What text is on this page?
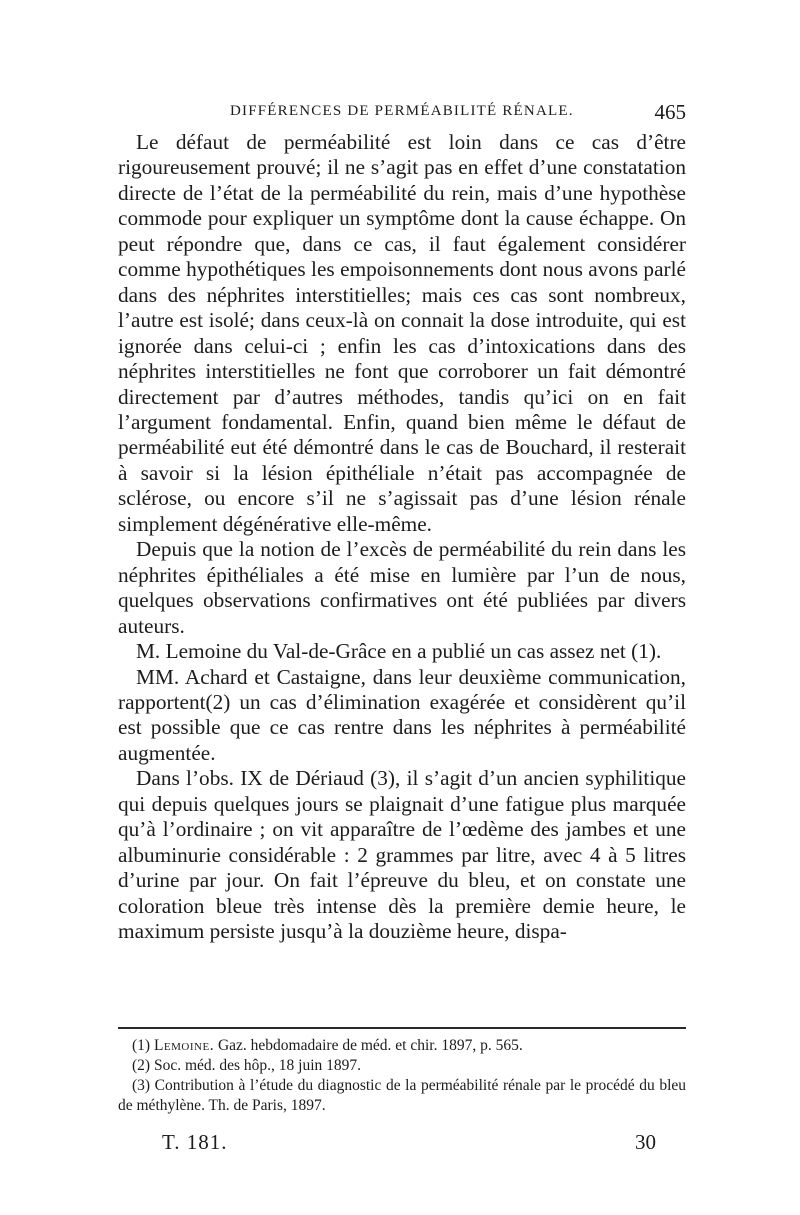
DIFFÉRENCES DE PERMÉABILITÉ RÉNALE.	465

Le défaut de perméabilité est loin dans ce cas d’être rigoureusement prouvé; il ne s’agit pas en effet d’une constatation directe de l’état de la perméabilité du rein, mais d’une hypothèse commode pour expliquer un symptôme dont la cause échappe. On peut répondre que, dans ce cas, il faut également considérer comme hypothétiques les empoisonnements dont nous avons parlé dans des néphrites interstitielles; mais ces cas sont nombreux, l’autre est isolé; dans ceux-là on connait la dose introduite, qui est ignorée dans celui-ci ; enfin les cas d’intoxications dans des néphrites interstitielles ne font que corroborer un fait démontré directement par d’autres méthodes, tandis qu’ici on en fait l’argument fondamental. Enfin, quand bien même le défaut de perméabilité eut été démontré dans le cas de Bouchard, il resterait à savoir si la lésion épithéliale n’était pas accompagnée de sclérose, ou encore s’il ne s’agissait pas d’une lésion rénale simplement dégénérative elle-même.

Depuis que la notion de l’excès de perméabilité du rein dans les néphrites épithéliales a été mise en lumière par l’un de nous, quelques observations confirmatives ont été publiées par divers auteurs.

M. Lemoine du Val-de-Grâce en a publié un cas assez net (1).

MM. Achard et Castaigne, dans leur deuxième communication, rapportent(2) un cas d’élimination exagérée et considèrent qu’il est possible que ce cas rentre dans les néphrites à perméabilité augmentée.

Dans l’obs. IX de Dériaud (3), il s’agit d’un ancien syphilitique qui depuis quelques jours se plaignait d’une fatigue plus marquée qu’à l’ordinaire ; on vit apparaître de l’œdème des jambes et une albuminurie considérable : 2 grammes par litre, avec 4 à 5 litres d’urine par jour. On fait l’épreuve du bleu, et on constate une coloration bleue très intense dès la première demie heure, le maximum persiste jusqu’à la douzième heure, dispa-

(1) Lemoine. Gaz. hebdomadaire de méd. et chir. 1897, p. 565.

(2) Soc. méd. des hôp., 18 juin 1897.

(3) Contribution à l’étude du diagnostic de la perméabilité rénale par le procédé du bleu de méthylène. Th. de Paris, 1897.

T. 181.	30
